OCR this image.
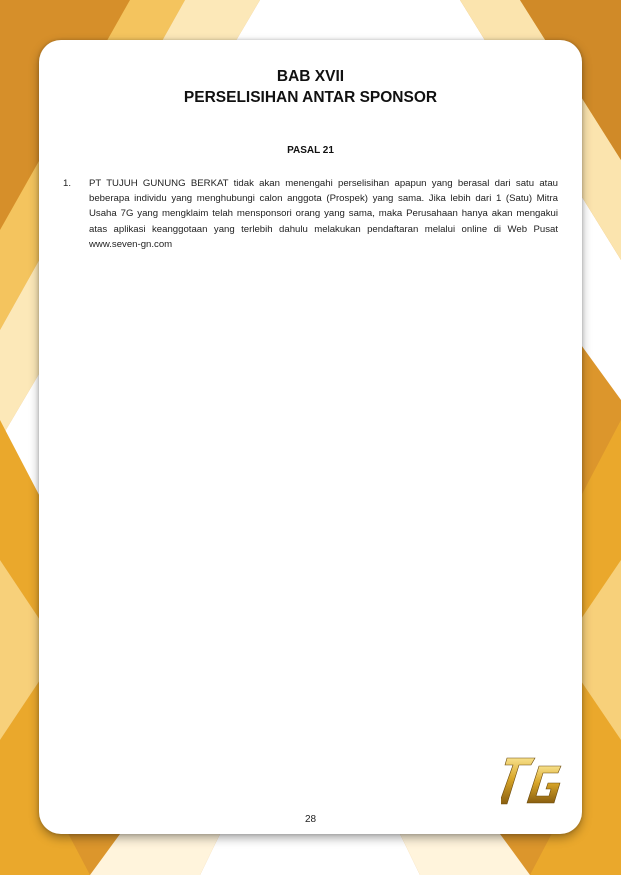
BAB XVII
PERSELISIHAN ANTAR SPONSOR
PASAL 21
1. PT TUJUH GUNUNG BERKAT tidak akan menengahi perselisihan apapun yang berasal dari satu atau beberapa individu yang menghubungi calon anggota (Prospek) yang sama. Jika lebih dari 1 (Satu) Mitra Usaha 7G yang mengklaim telah mensponsori orang yang sama, maka Perusahaan hanya akan mengakui atas aplikasi keanggotaan yang terlebih dahulu melakukan pendaftaran melalui online di Web Pusat www.seven-gn.com
28
